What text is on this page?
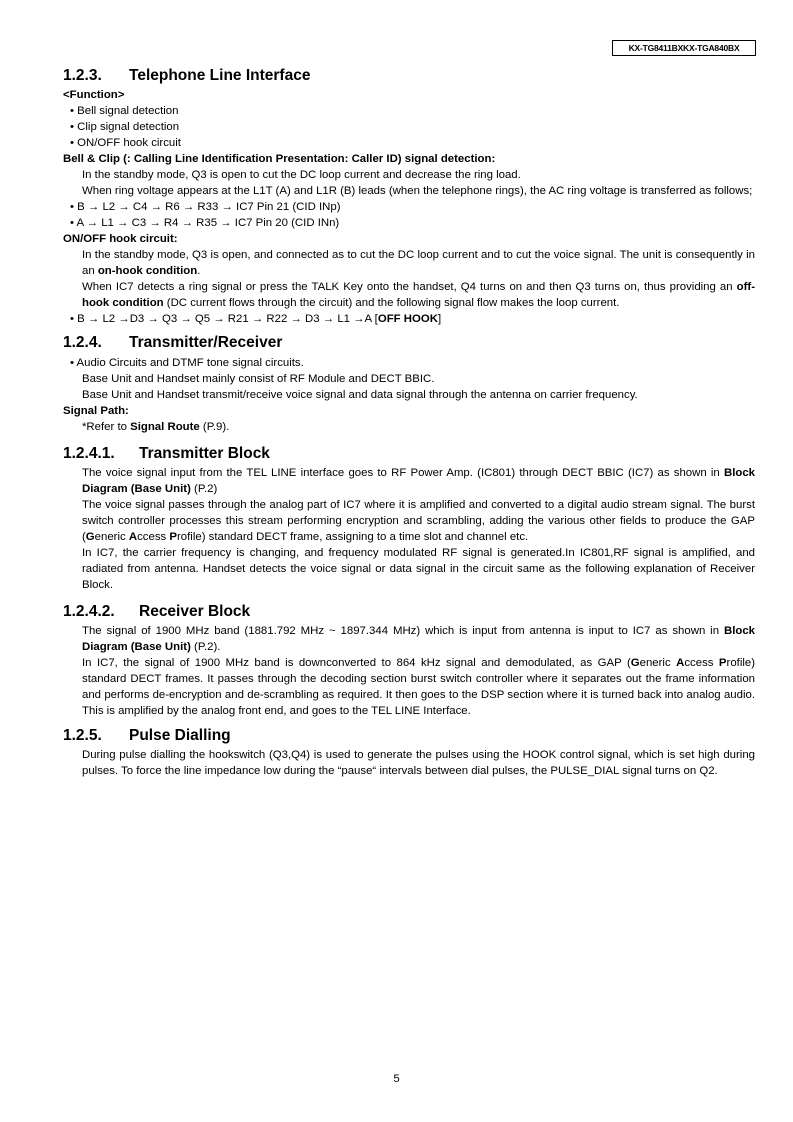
KX-TG8411BXKX-TGA840BX
1.2.3. Telephone Line Interface
<Function>

• Bell signal detection

• Clip signal detection

• ON/OFF hook circuit

Bell & Clip (: Calling Line Identification Presentation: Caller ID) signal detection:

In the standby mode, Q3 is open to cut the DC loop current and decrease the ring load.

When ring voltage appears at the L1T (A) and L1R (B) leads (when the telephone rings), the AC ring voltage is transferred as follows;

• B → L2 → C4 → R6 → R33 → IC7 Pin 21 (CID INp)

• A → L1 → C3 → R4 → R35 → IC7 Pin 20 (CID INn)

ON/OFF hook circuit:

In the standby mode, Q3 is open, and connected as to cut the DC loop current and to cut the voice signal. The unit is consequently in an on-hook condition.

When IC7 detects a ring signal or press the TALK Key onto the handset, Q4 turns on and then Q3 turns on, thus providing an off-hook condition (DC current flows through the circuit) and the following signal flow makes the loop current.

• B → L2 →D3 → Q3 → Q5 → R21 → R22 → D3 → L1 →A [OFF HOOK]

1.2.4. Transmitter/Receiver

• Audio Circuits and DTMF tone signal circuits.

Base Unit and Handset mainly consist of RF Module and DECT BBIC.

Base Unit and Handset transmit/receive voice signal and data signal through the antenna on carrier frequency.

Signal Path:

*Refer to Signal Route (P.9).

1.2.4.1. Transmitter Block

The voice signal input from the TEL LINE interface goes to RF Power Amp. (IC801) through DECT BBIC (IC7) as shown in Block Diagram (Base Unit) (P.2)

The voice signal passes through the analog part of IC7 where it is amplified and converted to a digital audio stream signal. The burst switch controller processes this stream performing encryption and scrambling, adding the various other fields to produce the GAP (Generic Access Profile) standard DECT frame, assigning to a time slot and channel etc.

In IC7, the carrier frequency is changing, and frequency modulated RF signal is generated.In IC801,RF signal is amplified, and radiated from antenna. Handset detects the voice signal or data signal in the circuit same as the following explanation of Receiver Block.

1.2.4.2. Receiver Block

The signal of 1900 MHz band (1881.792 MHz ~ 1897.344 MHz) which is input from antenna is input to IC7 as shown in Block Diagram (Base Unit) (P.2).

In IC7, the signal of 1900 MHz band is downconverted to 864 kHz signal and demodulated, as GAP (Generic Access Profile) standard DECT frames. It passes through the decoding section burst switch controller where it separates out the frame information and performs de-encryption and de-scrambling as required. It then goes to the DSP section where it is turned back into analog audio. This is amplified by the analog front end, and goes to the TEL LINE Interface.

1.2.5. Pulse Dialling

During pulse dialling the hookswitch (Q3,Q4) is used to generate the pulses using the HOOK control signal, which is set high during pulses. To force the line impedance low during the “pause“ intervals between dial pulses, the PULSE_DIAL signal turns on Q2.

5
